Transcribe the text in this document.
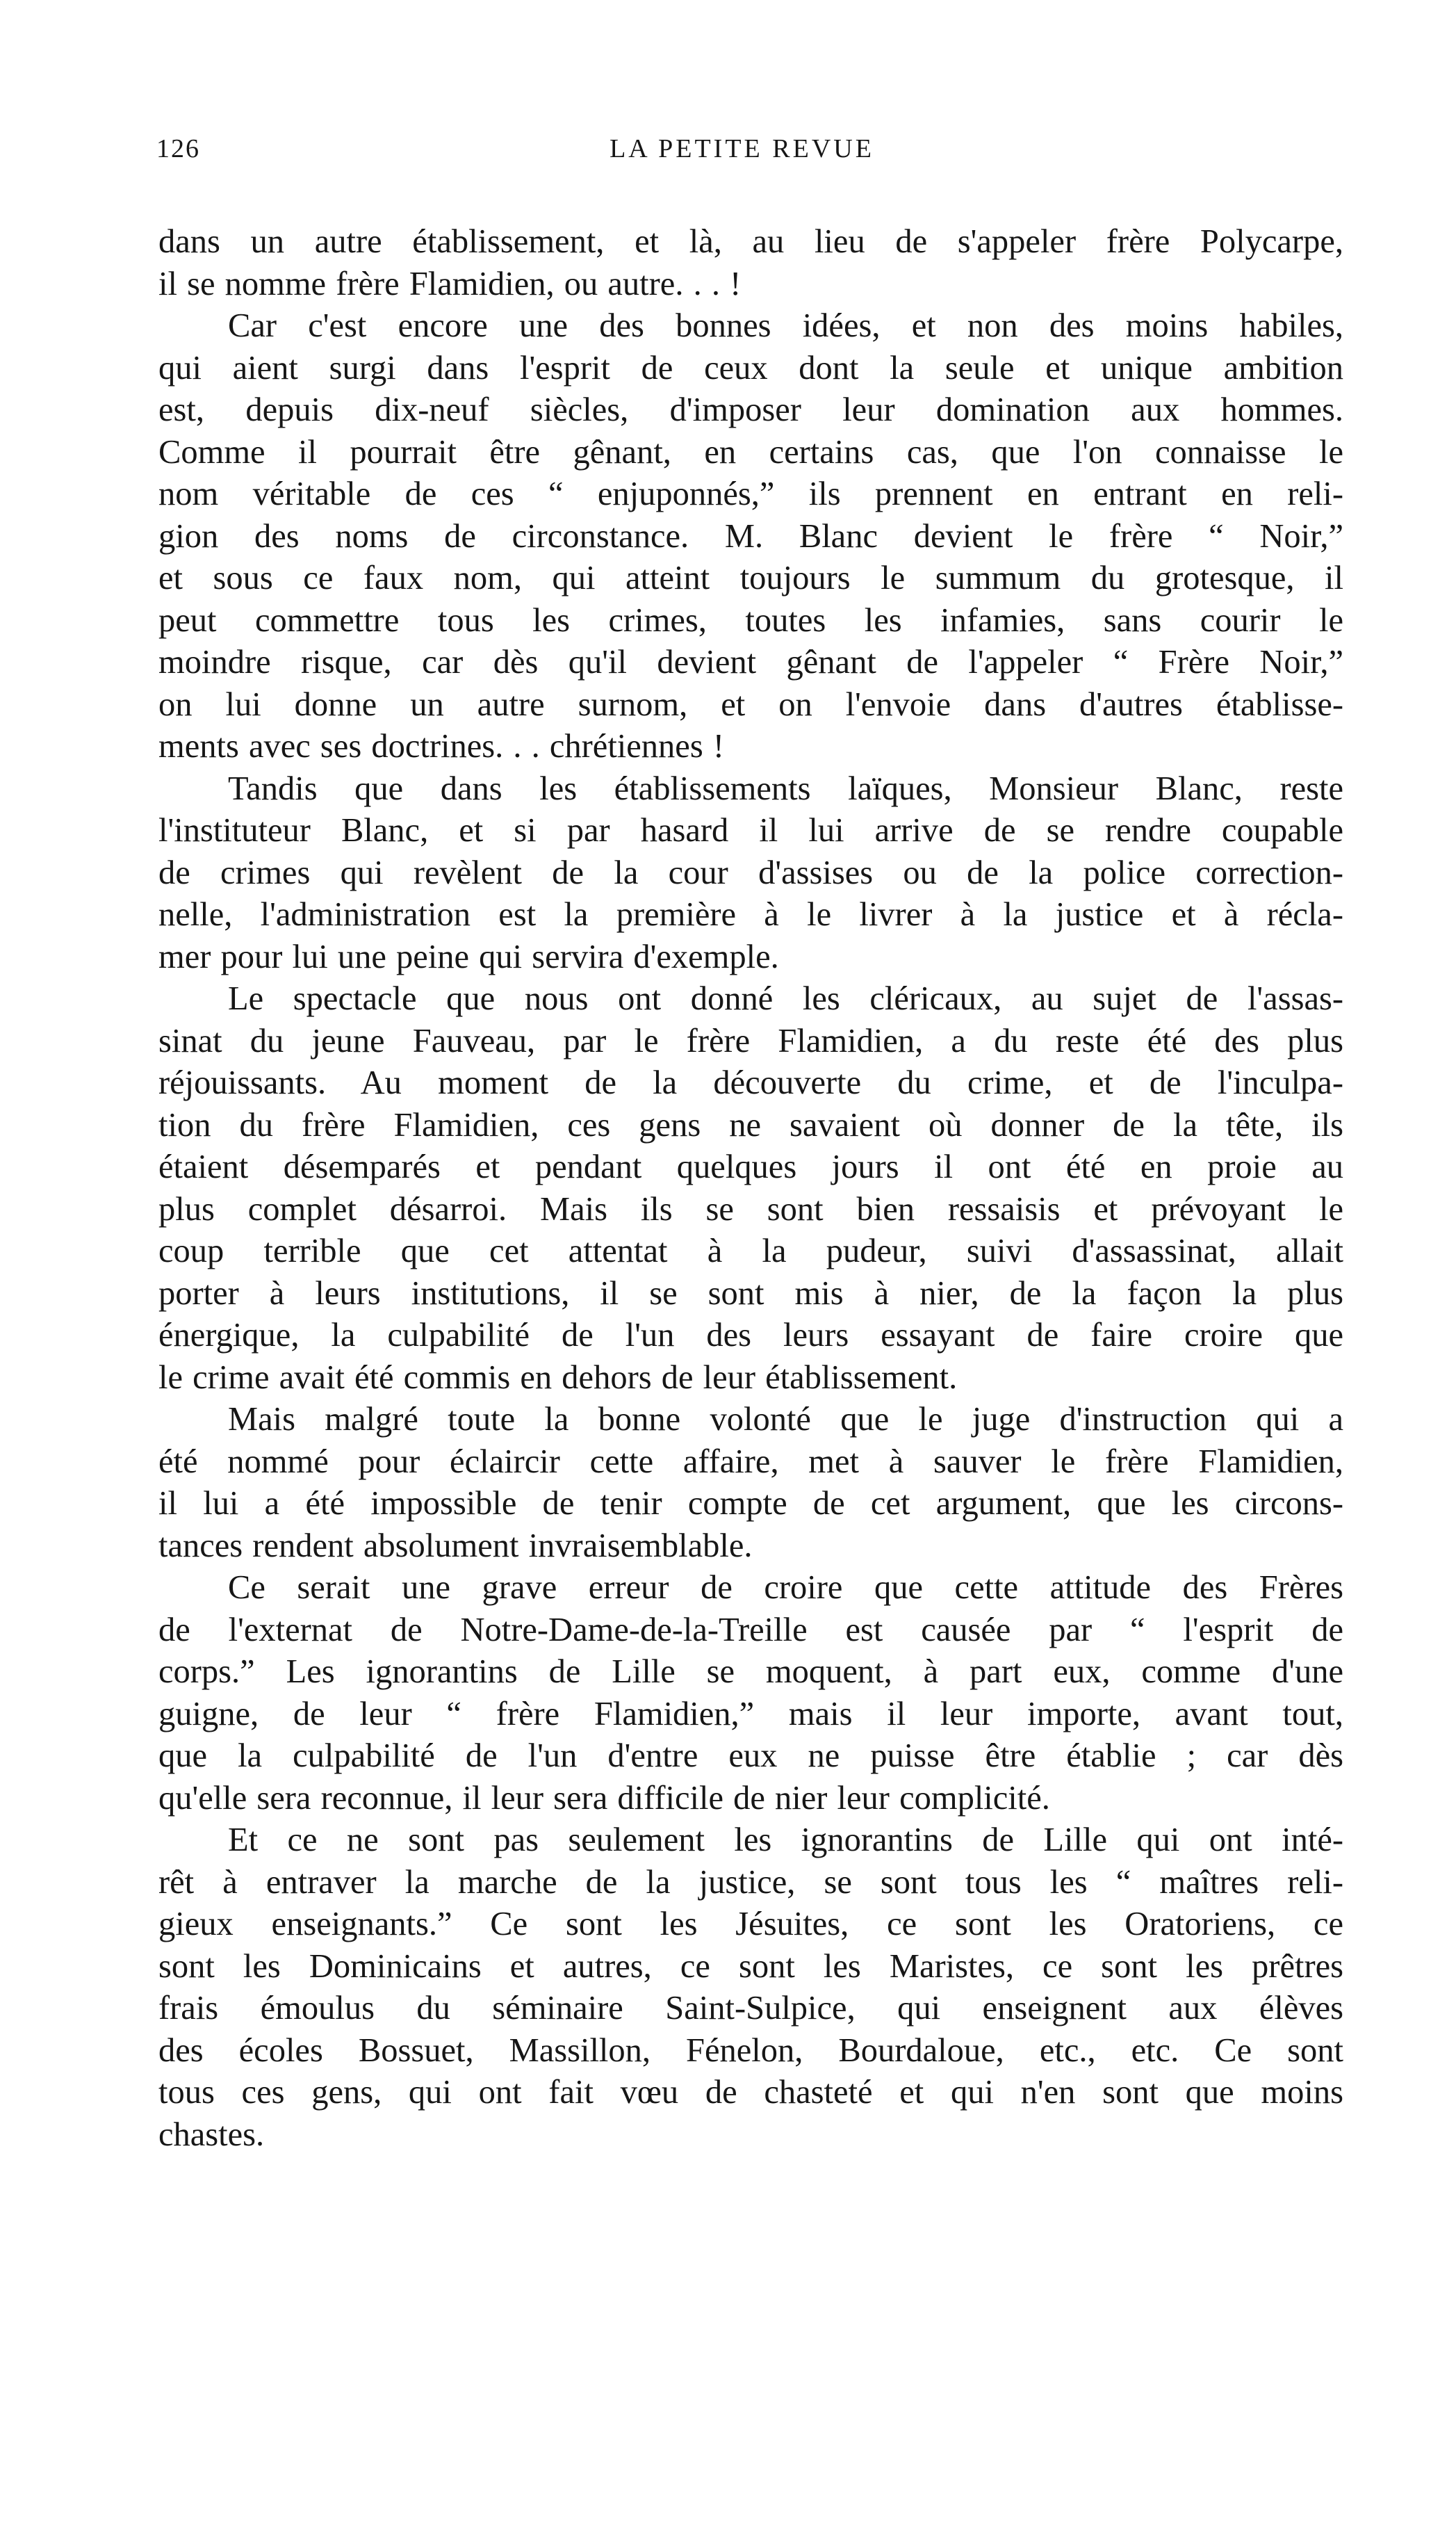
126	LA PETITE REVUE
dans un autre établissement, et là, au lieu de s'appeler frère Polycarpe,
il se nomme frère Flamidien, ou autre. . . !
Car c'est encore une des bonnes idées, et non des moins habiles,
qui aient surgi dans l'esprit de ceux dont la seule et unique ambition
est, depuis dix-neuf siècles, d'imposer leur domination aux hommes.
Comme il pourrait être gênant, en certains cas, que l'on connaisse le
nom véritable de ces “ enjuponnés,” ils prennent en entrant en reli-
gion des noms de circonstance. M. Blanc devient le frère “ Noir,”
et sous ce faux nom, qui atteint toujours le summum du grotesque, il
peut commettre tous les crimes, toutes les infamies, sans courir le
moindre risque, car dès qu'il devient gênant de l'appeler “ Frère Noir,”
on lui donne un autre surnom, et on l'envoie dans d'autres établisse-
ments avec ses doctrines. . . chrétiennes !
Tandis que dans les établissements laïques, Monsieur Blanc, reste
l'instituteur Blanc, et si par hasard il lui arrive de se rendre coupable
de crimes qui revèlent de la cour d'assises ou de la police correction-
nelle, l'administration est la première à le livrer à la justice et à récla-
mer pour lui une peine qui servira d'exemple.
Le spectacle que nous ont donné les cléricaux, au sujet de l'assas-
sinat du jeune Fauveau, par le frère Flamidien, a du reste été des plus
réjouissants. Au moment de la découverte du crime, et de l'inculpa-
tion du frère Flamidien, ces gens ne savaient où donner de la tête, ils
étaient désemparés et pendant quelques jours il ont été en proie au
plus complet désarroi. Mais ils se sont bien ressaisis et prévoyant le
coup terrible que cet attentat à la pudeur, suivi d'assassinat, allait
porter à leurs institutions, il se sont mis à nier, de la façon la plus
énergique, la culpabilité de l'un des leurs essayant de faire croire que
le crime avait été commis en dehors de leur établissement.
Mais malgré toute la bonne volonté que le juge d'instruction qui a
été nommé pour éclaircir cette affaire, met à sauver le frère Flamidien,
il lui a été impossible de tenir compte de cet argument, que les circons-
tances rendent absolument invraisemblable.
Ce serait une grave erreur de croire que cette attitude des Frères
de l'externat de Notre-Dame-de-la-Treille est causée par “ l'esprit de
corps.” Les ignorantins de Lille se moquent, à part eux, comme d'une
guigne, de leur “ frère Flamidien,” mais il leur importe, avant tout,
que la culpabilité de l'un d'entre eux ne puisse être établie ; car dès
qu'elle sera reconnue, il leur sera difficile de nier leur complicité.
Et ce ne sont pas seulement les ignorantins de Lille qui ont inté-
rêt à entraver la marche de la justice, se sont tous les “ maîtres reli-
gieux enseignants.” Ce sont les Jésuites, ce sont les Oratoriens, ce
sont les Dominicains et autres, ce sont les Maristes, ce sont les prêtres
frais émoulus du séminaire Saint-Sulpice, qui enseignent aux élèves
des écoles Bossuet, Massillon, Fénelon, Bourdaloue, etc., etc. Ce sont
tous ces gens, qui ont fait vœu de chasteté et qui n'en sont que moins
chastes.
